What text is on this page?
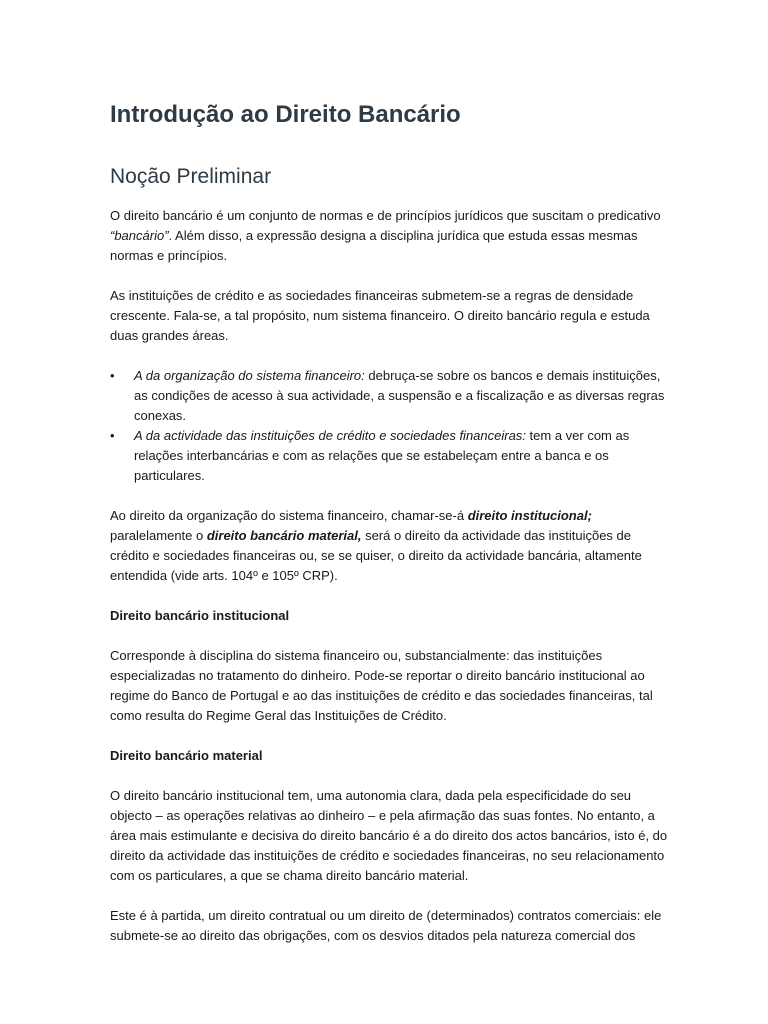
Introdução ao Direito Bancário
Noção Preliminar

O direito bancário é um conjunto de normas e de princípios jurídicos que suscitam o predicativo “bancário”. Além disso, a expressão designa a disciplina jurídica que estuda essas mesmas normas e princípios.

As instituições de crédito e as sociedades financeiras submetem-se a regras de densidade crescente. Fala-se, a tal propósito, num sistema financeiro. O direito bancário regula e estuda duas grandes áreas.

• A da organização do sistema financeiro: debruça-se sobre os bancos e demais instituições, as condições de acesso à sua actividade, a suspensão e a fiscalização e as diversas regras conexas.
• A da actividade das instituições de crédito e sociedades financeiras: tem a ver com as relações interbancárias e com as relações que se estabeleçam entre a banca e os particulares.

Ao direito da organização do sistema financeiro, chamar-se-á direito institucional; paralelamente o direito bancário material, será o direito da actividade das instituições de crédito e sociedades financeiras ou, se se quiser, o direito da actividade bancária, altamente entendida (vide arts. 104º e 105º CRP).

Direito bancário institucional

Corresponde à disciplina do sistema financeiro ou, substancialmente: das instituições especializadas no tratamento do dinheiro. Pode-se reportar o direito bancário institucional ao regime do Banco de Portugal e ao das instituições de crédito e das sociedades financeiras, tal como resulta do Regime Geral das Instituições de Crédito.

Direito bancário material

O direito bancário institucional tem, uma autonomia clara, dada pela especificidade do seu objecto – as operações relativas ao dinheiro – e pela afirmação das suas fontes. No entanto, a área mais estimulante e decisiva do direito bancário é a do direito dos actos bancários, isto é, do direito da actividade das instituições de crédito e sociedades financeiras, no seu relacionamento com os particulares, a que se chama direito bancário material.

Este é à partida, um direito contratual ou um direito de (determinados) contratos comerciais: ele submete-se ao direito das obrigações, com os desvios ditados pela natureza comercial dos
